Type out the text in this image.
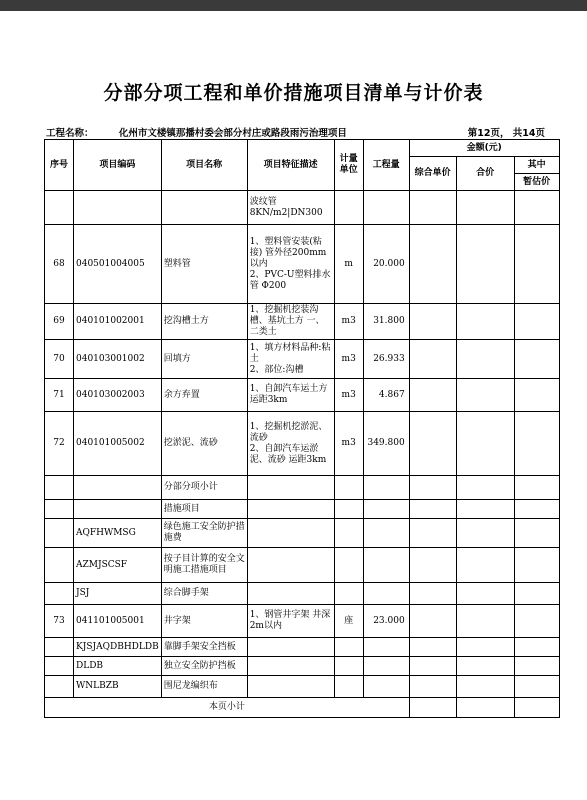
分部分项工程和单价措施项目清单与计价表
工程名称：	化州市文楼镇那播村委会部分村庄或路段雨污治理项目	第12页， 共14页
序号	项目编码	项目名称	项目特征描述	计量单位	工程量	金额(元)		
						综合单价	合价	其中
								暂估价
			波纹管 8KN/m2|DN300					
68	040501004005	塑料管	1、塑料管安装(粘接) 管外径200mm以内
2、PVC-U塑料排水管 Φ200	m	20.000			
69	040101002001	挖沟槽土方	1、挖掘机挖装沟槽、基坑土方 一、二类土	m3	31.800			
70	040103001002	回填方	1、填方材料品种:粘土
2、部位:沟槽	m3	26.933			
71	040103002003	余方弃置	1、自卸汽车运土方运距3km	m3	4.867			
72	040101005002	挖淤泥、流砂	1、挖掘机挖淤泥、流砂
2、自卸汽车运淤泥、流砂 运距3km	m3	349.800			
		分部分项小计						
		措施项目						
	AQFHWMSG	绿色施工安全防护措施费						
	AZMJSCSF	按子目计算的安全文明施工措施项目						
	JSJ	综合脚手架						
73	041101005001	井字架	1、钢管井字架 井深2m以内	座	23.000			
	KJSJAQDBHDLDB	靠脚手架安全挡板						
	DLDB	独立安全防护挡板						
	WNLBZB	围尼龙编织布						
本页小计								
